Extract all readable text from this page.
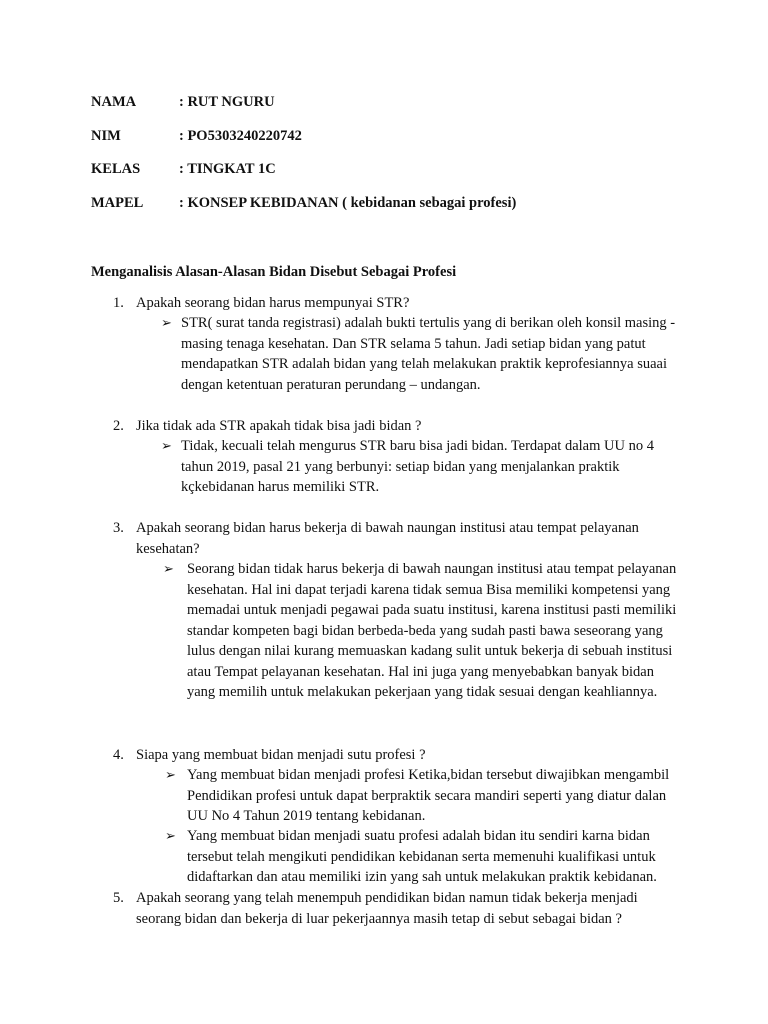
NAMA	: RUT NGURU
NIM	: PO5303240220742
KELAS	: TINGKAT 1C
MAPEL : KONSEP KEBIDANAN ( kebidanan sebagai profesi)
Menganalisis Alasan-Alasan Bidan Disebut Sebagai Profesi
1. Apakah seorang bidan harus mempunyai STR?
➢ STR( surat tanda registrasi) adalah bukti tertulis yang di berikan oleh konsil masing - masing tenaga kesehatan. Dan STR selama 5 tahun. Jadi setiap bidan yang patut mendapatkan STR adalah bidan yang telah melakukan praktik keprofesiannya suaai dengan ketentuan peraturan perundang – undangan.
2. Jika tidak ada STR apakah tidak bisa jadi bidan ?
➢ Tidak, kecuali telah mengurus STR baru bisa jadi bidan. Terdapat dalam UU no 4 tahun 2019, pasal 21 yang berbunyi: setiap bidan yang menjalankan praktik kçkebidanan harus memiliki STR.
3. Apakah seorang bidan harus bekerja di bawah naungan institusi atau tempat pelayanan kesehatan?
➢ Seorang bidan tidak harus bekerja di bawah naungan institusi atau tempat pelayanan kesehatan. Hal ini dapat terjadi karena tidak semua Bisa memiliki kompetensi yang memadai untuk menjadi pegawai pada suatu institusi, karena institusi pasti memiliki standar kompeten bagi bidan berbeda-beda yang sudah pasti bawa seseorang yang lulus dengan nilai kurang memuaskan kadang sulit untuk bekerja di sebuah institusi atau Tempat pelayanan kesehatan. Hal ini juga yang menyebabkan banyak bidan yang memilih untuk melakukan pekerjaan yang tidak sesuai dengan keahliannya.
4. Siapa yang membuat bidan menjadi sutu profesi ?
➢ Yang membuat bidan menjadi profesi Ketika,bidan tersebut diwajibkan mengambil Pendidikan profesi untuk dapat berpraktik secara mandiri seperti yang diatur dalan UU No 4 Tahun 2019 tentang kebidanan.
➢ Yang membuat bidan menjadi suatu profesi adalah bidan itu sendiri karna bidan tersebut telah mengikuti pendidikan kebidanan serta memenuhi kualifikasi untuk didaftarkan dan atau memiliki izin yang sah untuk melakukan praktik kebidanan.
5. Apakah seorang yang telah menempuh pendidikan bidan namun tidak bekerja menjadi seorang bidan dan bekerja di luar pekerjaannya masih tetap di sebut sebagai bidan ?
